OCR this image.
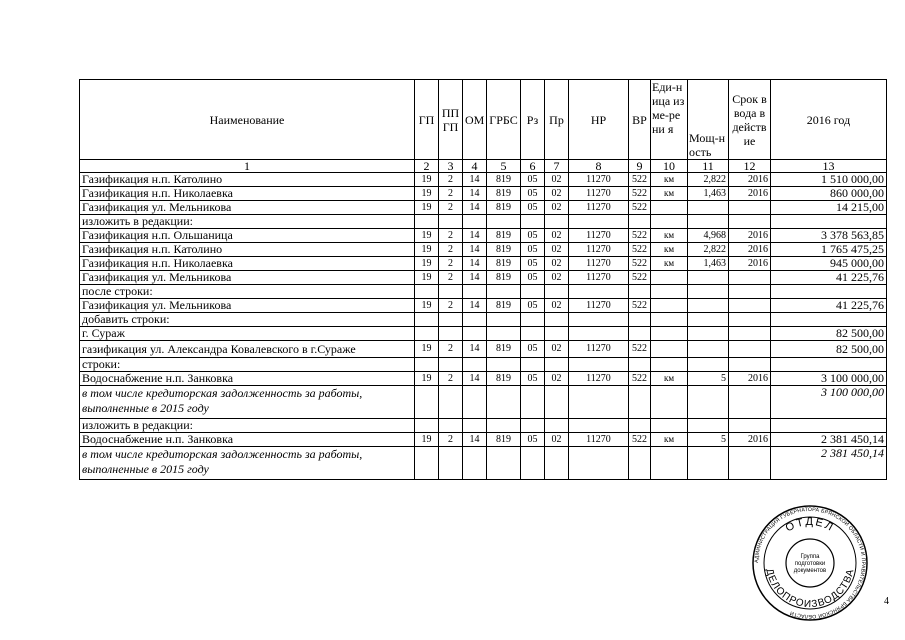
Наименование	ГП	ПП ГП	ОМ	ГРБС	Рз	Пр	НР	ВР	Еди-ница изме-рени я	Мощ-ность	Срок ввода в действ ие	2016 год
1	2	3	4	5	6	7	8	9	10	11	12	13
Газификация н.п. Католино	19	2	14	819	05	02	11270	522	км	2,822	2016	1 510 000,00
Газификация н.п. Николаевка	19	2	14	819	05	02	11270	522	км	1,463	2016	860 000,00
Газификация ул. Мельникова	19	2	14	819	05	02	11270	522				14 215,00
изложить в редакции:												
Газификация н.п. Ольшаница	19	2	14	819	05	02	11270	522	км	4,968	2016	3 378 563,85
Газификация н.п. Католино	19	2	14	819	05	02	11270	522	км	2,822	2016	1 765 475,25
Газификация н.п. Николаевка	19	2	14	819	05	02	11270	522	км	1,463	2016	945 000,00
Газификация ул. Мельникова	19	2	14	819	05	02	11270	522				41 225,76
после строки:												
Газификация ул. Мельникова	19	2	14	819	05	02	11270	522				41 225,76
добавить строки:												
г. Сураж												82 500,00
газификация ул. Александра Ковалевского в г.Сураже	19	2	14	819	05	02	11270	522				82 500,00
строки:												
Водоснабжение н.п. Занковка	19	2	14	819	05	02	11270	522	км	5	2016	3 100 000,00
в том числе кредиторская задолженность за работы, выполненные в 2015 году												3 100 000,00
изложить в редакции:												
Водоснабжение н.п. Занковка	19	2	14	819	05	02	11270	522	км	5	2016	2 381 450,14
в том числе кредиторская задолженность за работы, выполненные в 2015 году												2 381 450,14
АДМИНИСТРАЦИЯ ГУБЕРНАТОРА БРЯНСКОЙ ОБЛАСТИ И ПРАВИТЕЛЬСТВА БРЯНСКОЙ ОБЛАСТИ
ОТДЕЛ
ДЕЛОПРОИЗВОДСТВА
Группа
подготовки
документов
4
